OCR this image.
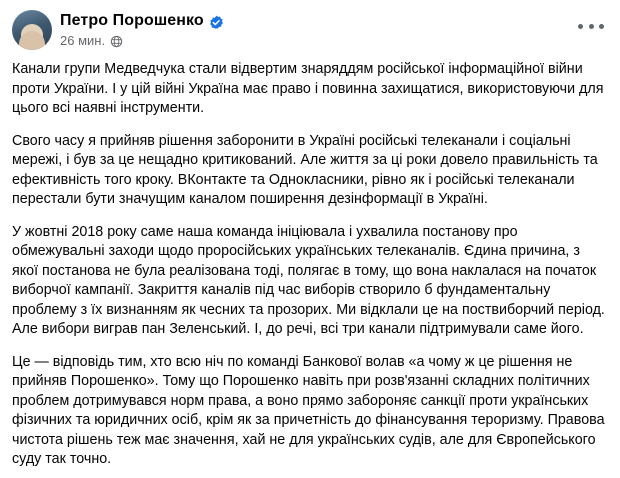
Петро Порошенко
26 мин.

Канали групи Медведчука стали відвертим знаряддям російської інформаційної війни проти України. І у цій війні Україна має право і повинна захищатися, використовуючи для цього всі наявні інструменти.

Свого часу я прийняв рішення заборонити в Україні російські телеканали і соціальні мережі, і був за це нещадно критикований. Але життя за ці роки довело правильність та ефективність того кроку. ВКонтакте та Однокласники, рівно як і російські телеканали перестали бути значущим каналом поширення дезінформації в Україні.

У жовтні 2018 року саме наша команда ініціювала і ухвалила постанову про обмежувальні заходи щодо проросійських українських телеканалів. Єдина причина, з якої постанова не була реалізована тоді, полягає в тому, що вона наклалася на початок виборчої кампанії. Закриття каналів під час виборів створило б фундаментальну проблему з їх визнанням як чесних та прозорих. Ми відклали це на поствиборчий період. Але вибори виграв пан Зеленський. І, до речі, всі три канали підтримували саме його.

Це — відповідь тим, хто всю ніч по команді Банкової волав «а чому ж це рішення не прийняв Порошенко». Тому що Порошенко навіть при розв'язанні складних політичних проблем дотримувався норм права, а воно прямо забороняє санкції проти українських фізичних та юридичних осіб, крім як за причетність до фінансування тероризму. Правова чистота рішень теж має значення, хай не для українських судів, але для Європейського суду так точно.
